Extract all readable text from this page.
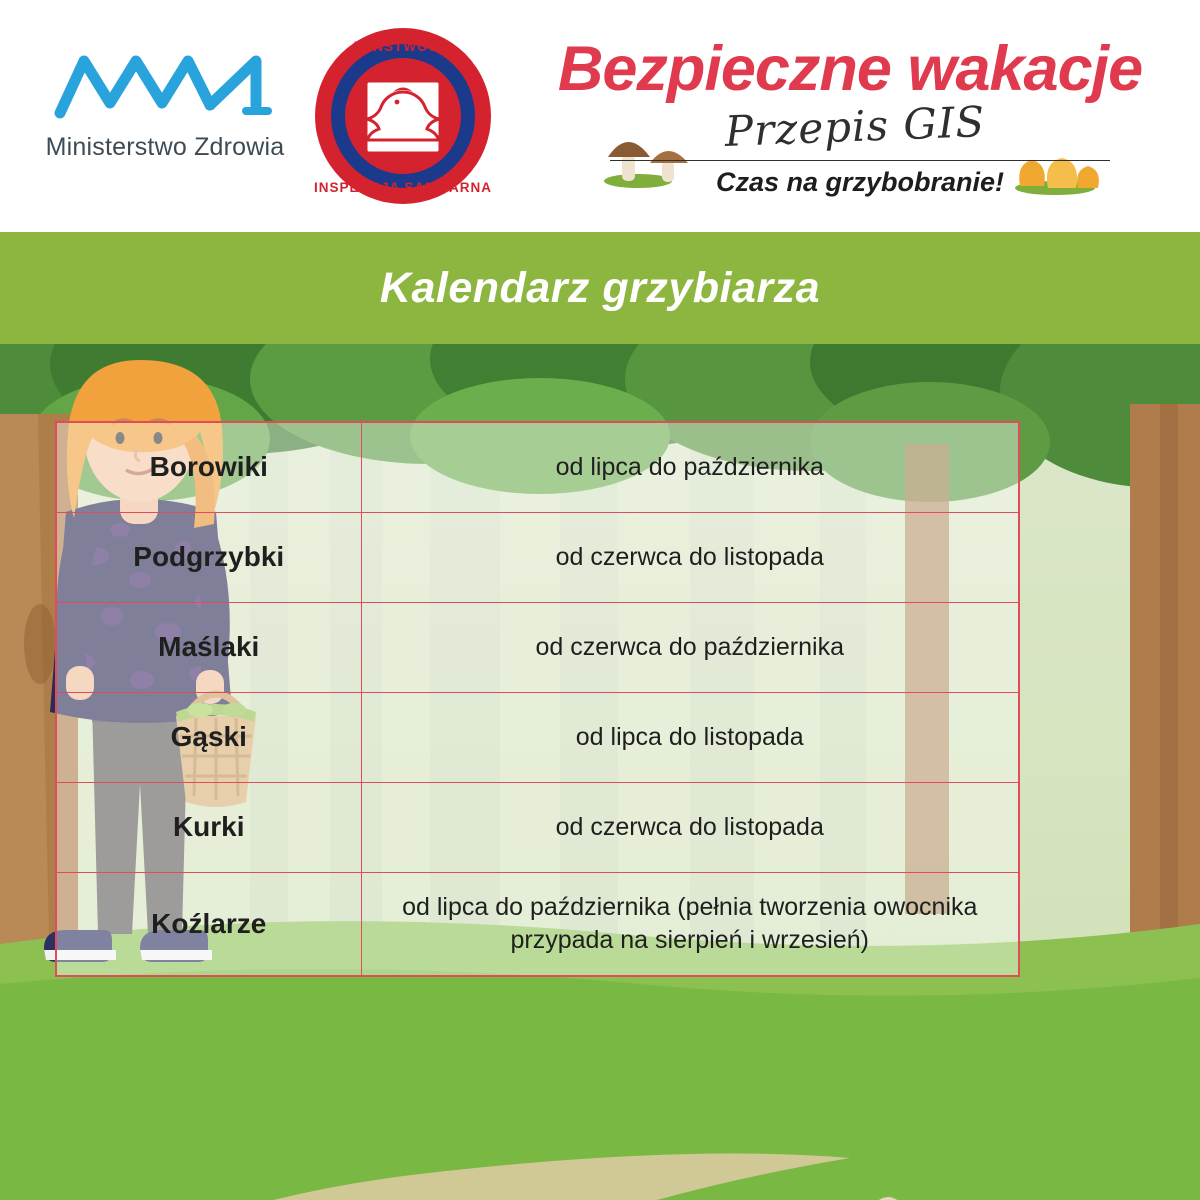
Ministerstwo Zdrowia
PAŃSTWOWA
INSPEKCJA SANITARNA
Bezpieczne wakacje
Przepis GIS
Czas na grzybobranie!
Kalendarz grzybiarza
Borowiki	od lipca do października
Podgrzybki	od czerwca do listopada
Maślaki	od czerwca do października
Gąski	od lipca do listopada
Kurki	od czerwca do listopada
Koźlarze	od lipca do października (pełnia tworzenia owocnika przypada na sierpień i wrzesień)
